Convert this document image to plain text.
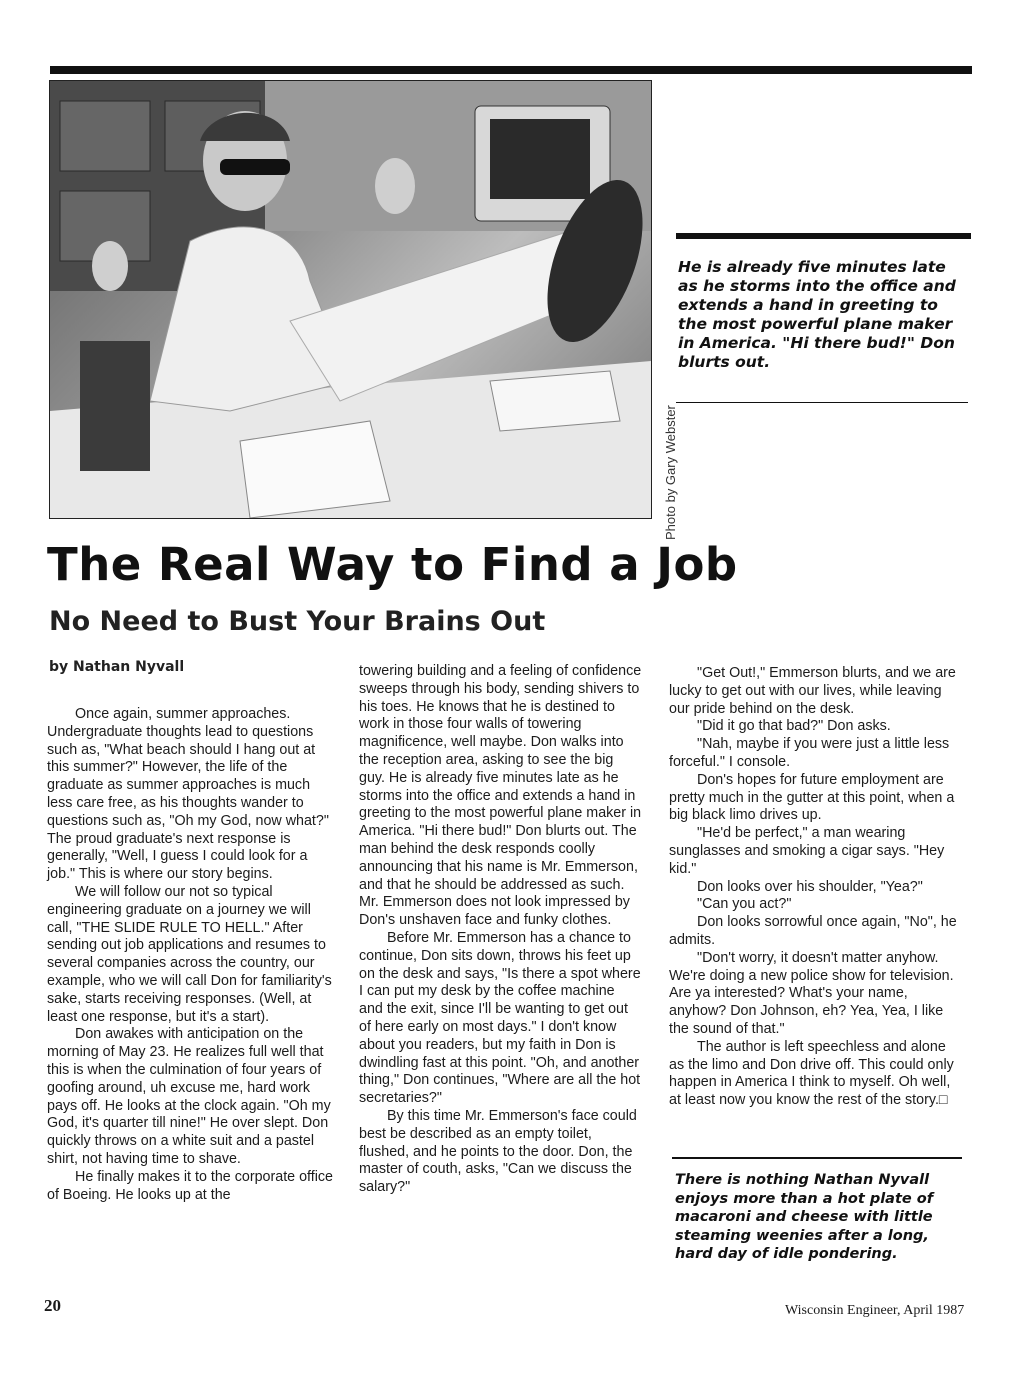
Photo by Gary Webster

He is already five minutes late as he storms into the office and extends a hand in greeting to the most powerful plane maker in America. "Hi there bud!" Don blurts out.

The Real Way to Find a Job
No Need to Bust Your Brains Out

by Nathan Nyvall

Once again, summer approaches. Undergraduate thoughts lead to questions such as, "What beach should I hang out at this summer?" However, the life of the graduate as summer approaches is much less care free, as his thoughts wander to questions such as, "Oh my God, now what?" The proud graduate's next response is generally, "Well, I guess I could look for a job." This is where our story begins.

We will follow our not so typical engineering graduate on a journey we will call, "THE SLIDE RULE TO HELL." After sending out job applications and resumes to several companies across the country, our example, who we will call Don for familiarity's sake, starts receiving responses. (Well, at least one response, but it's a start).

Don awakes with anticipation on the morning of May 23. He realizes full well that this is when the culmination of four years of goofing around, uh excuse me, hard work pays off. He looks at the clock again. "Oh my God, it's quarter till nine!" He over slept. Don quickly throws on a white suit and a pastel shirt, not having time to shave.

He finally makes it to the corporate office of Boeing. He looks up at the

towering building and a feeling of confidence sweeps through his body, sending shivers to his toes. He knows that he is destined to work in those four walls of towering magnificence, well maybe. Don walks into the reception area, asking to see the big guy. He is already five minutes late as he storms into the office and extends a hand in greeting to the most powerful plane maker in America. "Hi there bud!" Don blurts out. The man behind the desk responds coolly announcing that his name is Mr. Emmerson, and that he should be addressed as such. Mr. Emmerson does not look impressed by Don's unshaven face and funky clothes.

Before Mr. Emmerson has a chance to continue, Don sits down, throws his feet up on the desk and says, "Is there a spot where I can put my desk by the coffee machine and the exit, since I'll be wanting to get out of here early on most days." I don't know about you readers, but my faith in Don is dwindling fast at this point. "Oh, and another thing," Don continues, "Where are all the hot secretaries?"

By this time Mr. Emmerson's face could best be described as an empty toilet, flushed, and he points to the door. Don, the master of couth, asks, "Can we discuss the salary?"

"Get Out!," Emmerson blurts, and we are lucky to get out with our lives, while leaving our pride behind on the desk.

"Did it go that bad?" Don asks.

"Nah, maybe if you were just a little less forceful." I console.

Don's hopes for future employment are pretty much in the gutter at this point, when a big black limo drives up.

"He'd be perfect," a man wearing sunglasses and smoking a cigar says. "Hey kid."

Don looks over his shoulder, "Yea?"

"Can you act?"

Don looks sorrowful once again, "No", he admits.

"Don't worry, it doesn't matter anyhow. We're doing a new police show for television. Are ya interested? What's your name, anyhow? Don Johnson, eh? Yea, Yea, I like the sound of that."

The author is left speechless and alone as the limo and Don drive off. This could only happen in America I think to myself. Oh well, at least now you know the rest of the story.□

There is nothing Nathan Nyvall enjoys more than a hot plate of macaroni and cheese with little steaming weenies after a long, hard day of idle pondering.

20	Wisconsin Engineer, April 1987
